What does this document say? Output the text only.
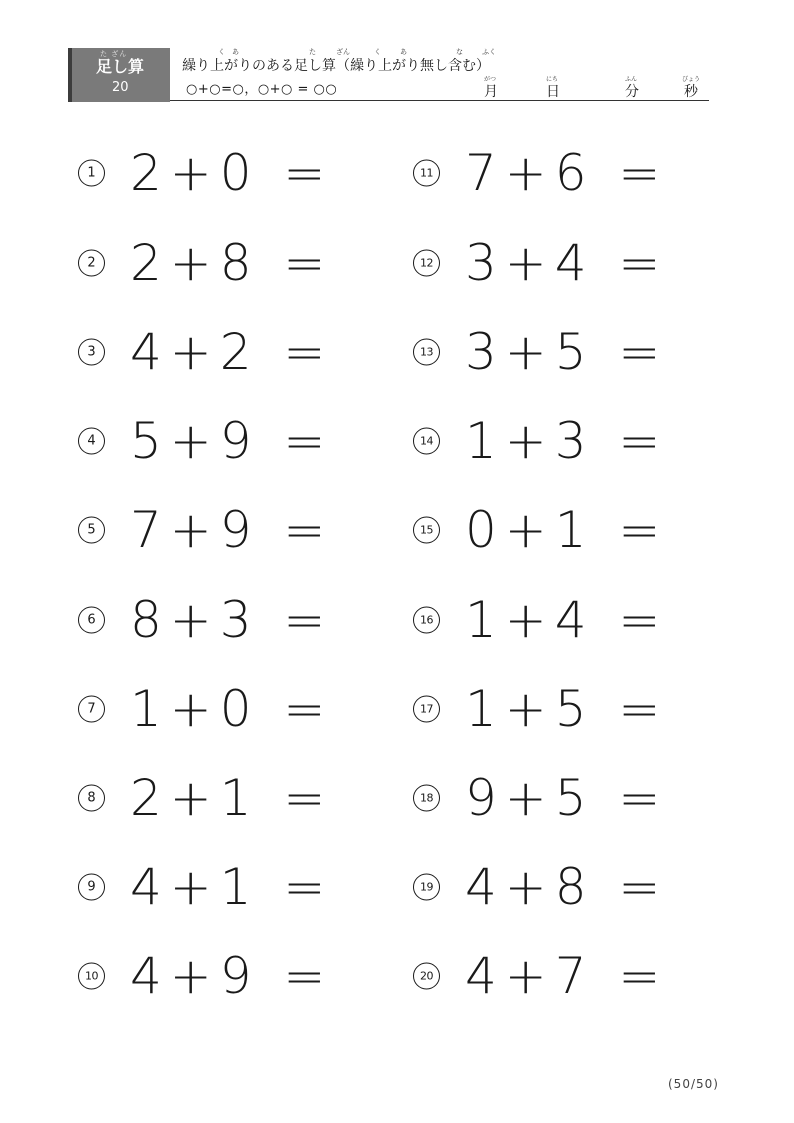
た ざん
足し算
20
く あ	た	ざん	く	あ	な	ふく
繰り上がりのある足し算（繰り上がり無し含む）
○+○=○，○+○ = ○○
がつ
月
にち
日
ふん
分
びょう
秒
1 2+0 =
2 2+8 =
3 4+2 =
4 5+9 =
5 7+9 =
6 8+3 =
7 1+0 =
8 2+1 =
9 4+1 =
10 4+9 =
11 7+6 =
12 3+4 =
13 3+5 =
14 1+3 =
15 0+1 =
16 1+4 =
17 1+5 =
18 9+5 =
19 4+8 =
20 4+7 =
(50/50)
